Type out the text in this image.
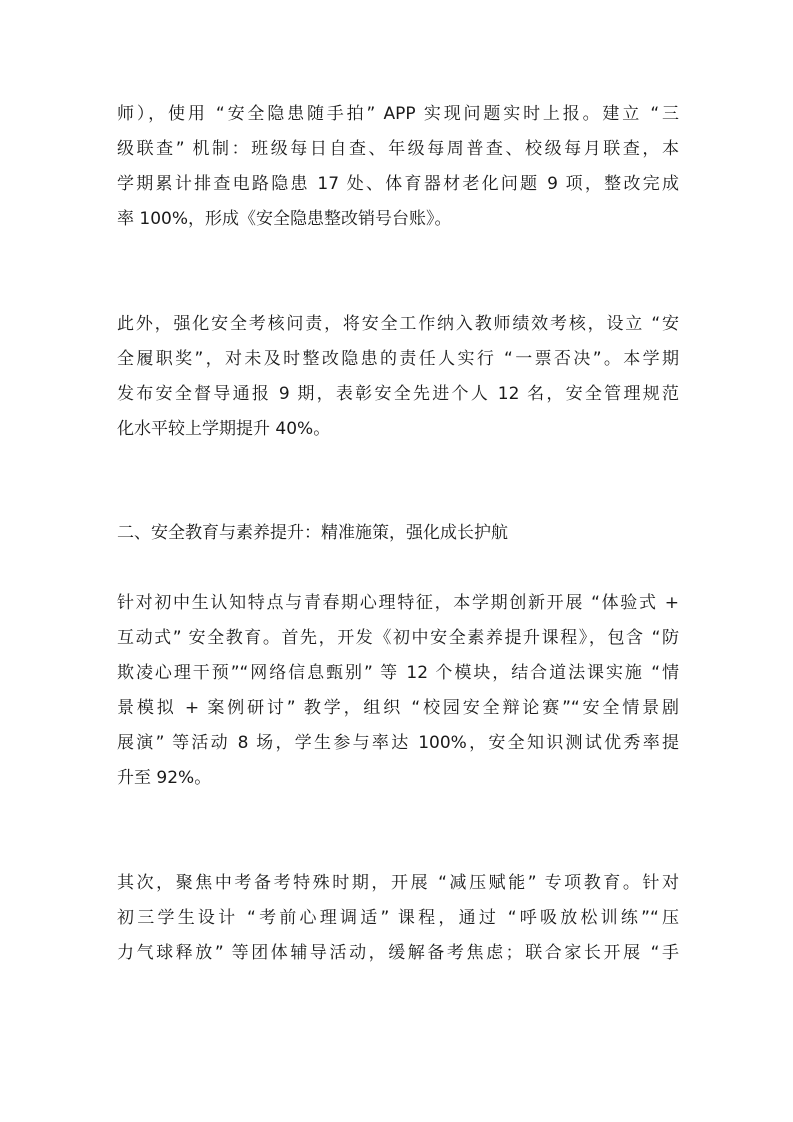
师），使用 “安全隐患随手拍” APP 实现问题实时上报。建立 “三
级联查” 机制：班级每日自查、年级每周普查、校级每月联查，本
学期累计排查电路隐患 17 处、体育器材老化问题 9 项，整改完成
率 100%，形成《安全隐患整改销号台账》。
此外，强化安全考核问责，将安全工作纳入教师绩效考核，设立 “安
全履职奖”，对未及时整改隐患的责任人实行 “一票否决”。本学期
发布安全督导通报 9 期，表彰安全先进个人 12 名，安全管理规范
化水平较上学期提升 40%。
二、安全教育与素养提升：精准施策，强化成长护航
针对初中生认知特点与青春期心理特征，本学期创新开展 “体验式 +
互动式” 安全教育。首先，开发《初中安全素养提升课程》，包含 “防
欺凌心理干预”“网络信息甄别” 等 12 个模块，结合道法课实施 “情
景模拟 + 案例研讨” 教学，组织 “校园安全辩论赛”“安全情景剧
展演” 等活动 8 场，学生参与率达 100%，安全知识测试优秀率提
升至 92%。
其次，聚焦中考备考特殊时期，开展 “减压赋能” 专项教育。针对
初三学生设计 “考前心理调适” 课程，通过 “呼吸放松训练”“压
力气球释放” 等团体辅导活动，缓解备考焦虑；联合家长开展 “手
